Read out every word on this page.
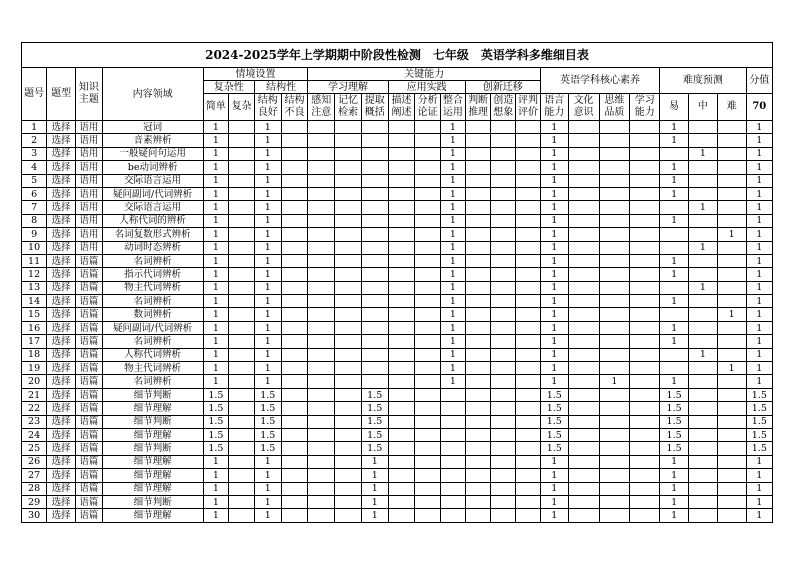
2024-2025学年上学期期中阶段性检测　七年级　英语学科多维细目表
题号	题型	知识主题	内容领域	情境设置				关键能力									英语学科核心素养				难度预测			分值
				复杂性		结构性		学习理解			应用实践			创新迁移										
				简单	复杂	结构良好	结构不良	感知注意	记忆检索	提取概括	描述阐述	分析论证	整合运用	判断推理	创造想象	评判评价	语言能力	文化意识	思维品质	学习能力	易	中	难	70
1	选择	语用	冠词	1		1							1				1				1			1
2	选择	语用	音素辨析	1		1							1				1				1			1
3	选择	语用	一般疑问句运用	1		1							1				1					1		1
4	选择	语用	be动词辨析	1		1							1				1				1			1
5	选择	语用	交际语言运用	1		1							1				1				1			1
6	选择	语用	疑问副词/代词辨析	1		1							1				1				1			1
7	选择	语用	交际语言运用	1		1							1				1					1		1
8	选择	语用	人称代词的辨析	1		1							1				1				1			1
9	选择	语用	名词复数形式辨析	1		1							1				1						1	1
10	选择	语用	动词时态辨析	1		1							1				1					1		1
11	选择	语篇	名词辨析	1		1							1				1				1			1
12	选择	语篇	指示代词辨析	1		1							1				1				1			1
13	选择	语篇	物主代词辨析	1		1							1				1					1		1
14	选择	语篇	名词辨析	1		1							1				1				1			1
15	选择	语篇	数词辨析	1		1							1				1						1	1
16	选择	语篇	疑问副词/代词辨析	1		1							1				1				1			1
17	选择	语篇	名词辨析	1		1							1				1				1			1
18	选择	语篇	人称代词辨析	1		1							1				1					1		1
19	选择	语篇	物主代词辨析	1		1							1				1						1	1
20	选择	语篇	名词辨析	1		1							1				1		1		1			1
21	选择	语篇	细节判断	1.5		1.5				1.5							1.5				1.5			1.5
22	选择	语篇	细节理解	1.5		1.5				1.5							1.5				1.5			1.5
23	选择	语篇	细节判断	1.5		1.5				1.5							1.5				1.5			1.5
24	选择	语篇	细节理解	1.5		1.5				1.5							1.5				1.5			1.5
25	选择	语篇	细节判断	1.5		1.5				1.5							1.5				1.5			1.5
26	选择	语篇	细节理解	1		1				1							1				1			1
27	选择	语篇	细节理解	1		1				1							1				1			1
28	选择	语篇	细节理解	1		1				1							1				1			1
29	选择	语篇	细节判断	1		1				1							1				1			1
30	选择	语篇	细节理解	1		1				1							1				1			1
